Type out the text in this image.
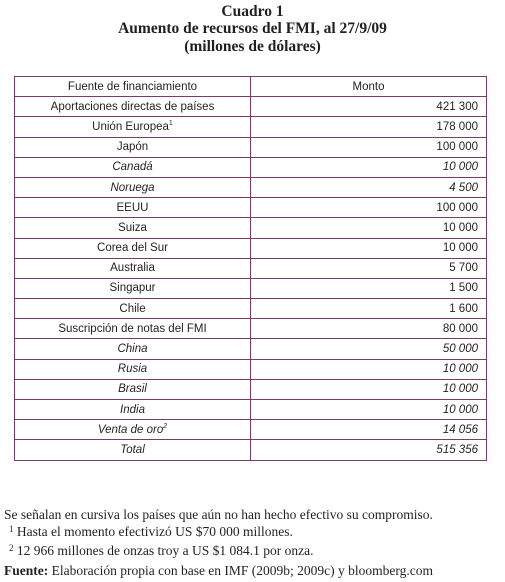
Cuadro 1
Aumento de recursos del FMI, al 27/9/09
(millones de dólares)
Fuente de financiamiento	Monto
Aportaciones directas de países	421 300
Unión Europea$^1$	178 000
Japón	100 000
Canadá	10 000
Noruega	4 500
EEUU	100 000
Suiza	10 000
Corea del Sur	10 000
Australia	5 700
Singapur	1 500
Chile	1 600
Suscripción de notas del FMI	80 000
China	50 000
Rusia	10 000
Brasil	10 000
India	10 000
Venta de oro$^2$	14 056
Total	515 356
Se señalan en cursiva los países que aún no han hecho efectivo su compromiso.
$^1$ Hasta el momento efectivizó US $70 000 millones.
$^2$ 12 966 millones de onzas troy a US $1 084.1 por onza.
Fuente: Elaboración propia con base en IMF (2009b; 2009c) y bloomberg.com
